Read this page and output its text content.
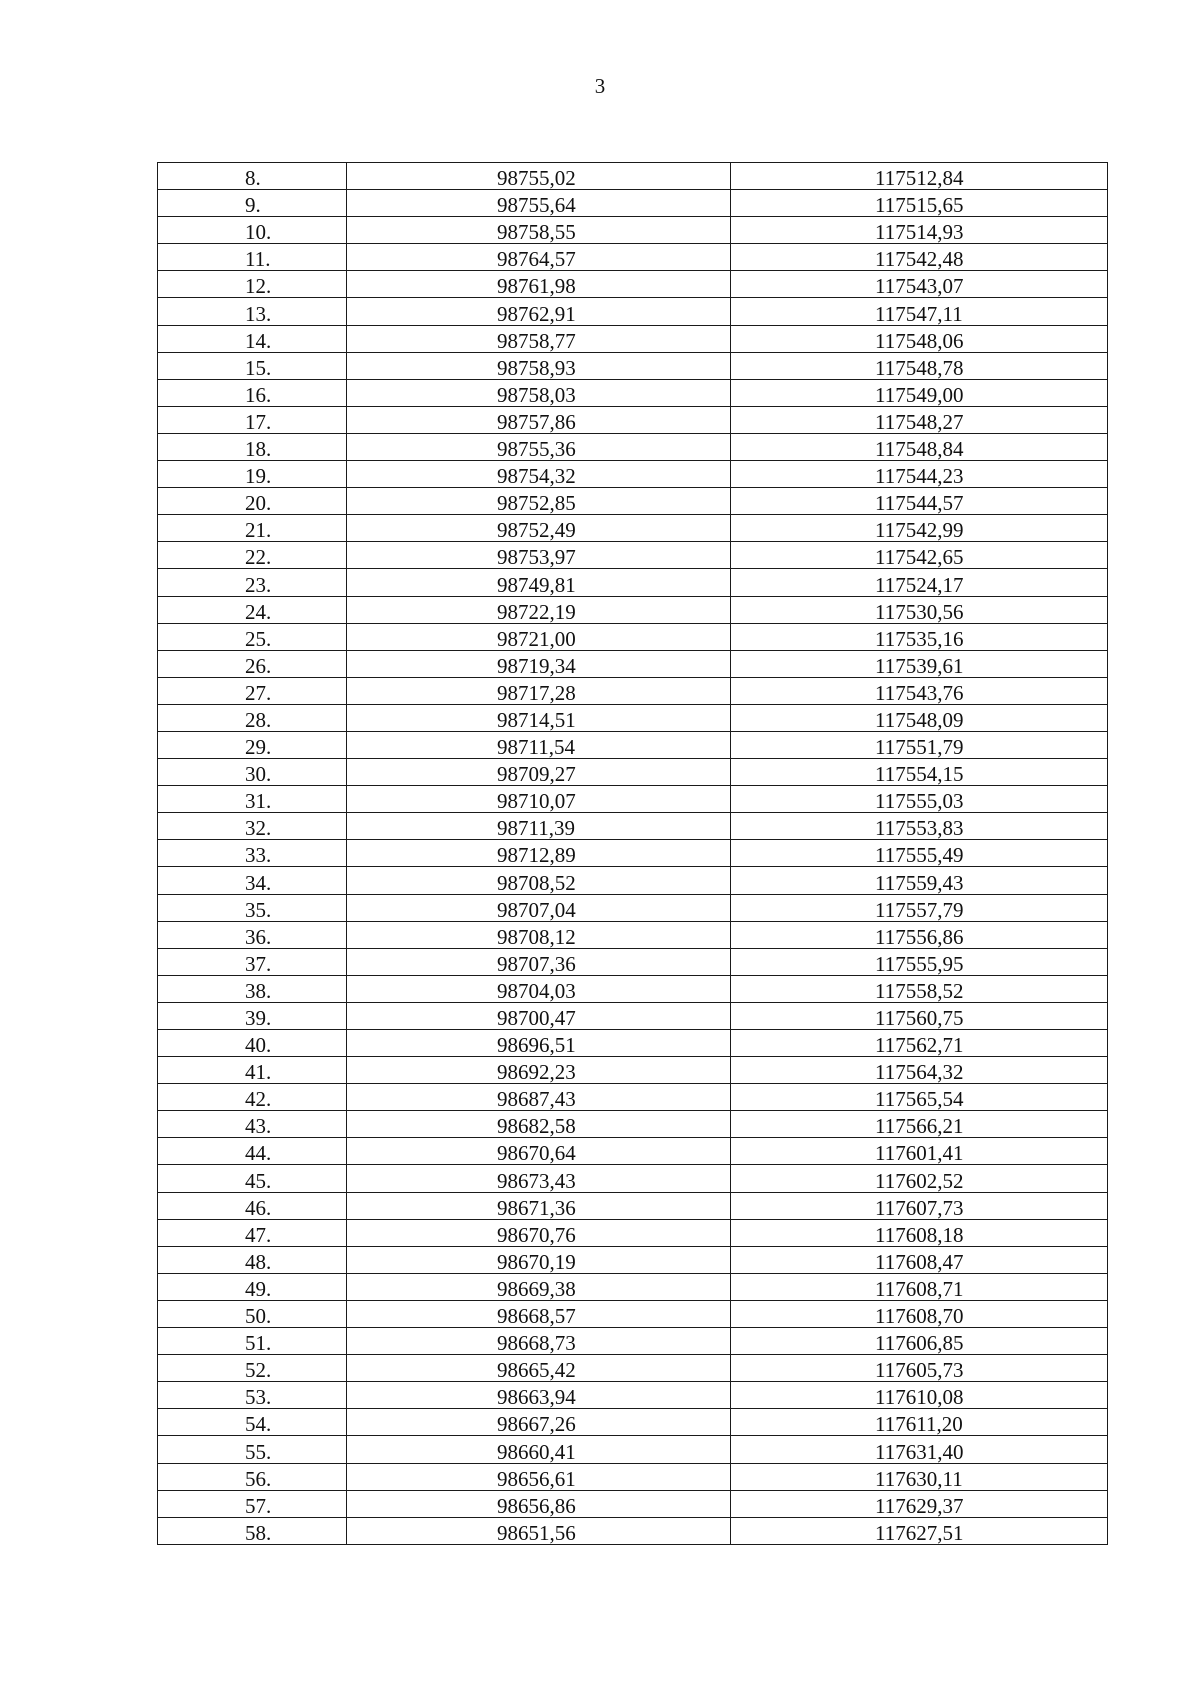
3
8.	98755,02	117512,84
9.	98755,64	117515,65
10.	98758,55	117514,93
11.	98764,57	117542,48
12.	98761,98	117543,07
13.	98762,91	117547,11
14.	98758,77	117548,06
15.	98758,93	117548,78
16.	98758,03	117549,00
17.	98757,86	117548,27
18.	98755,36	117548,84
19.	98754,32	117544,23
20.	98752,85	117544,57
21.	98752,49	117542,99
22.	98753,97	117542,65
23.	98749,81	117524,17
24.	98722,19	117530,56
25.	98721,00	117535,16
26.	98719,34	117539,61
27.	98717,28	117543,76
28.	98714,51	117548,09
29.	98711,54	117551,79
30.	98709,27	117554,15
31.	98710,07	117555,03
32.	98711,39	117553,83
33.	98712,89	117555,49
34.	98708,52	117559,43
35.	98707,04	117557,79
36.	98708,12	117556,86
37.	98707,36	117555,95
38.	98704,03	117558,52
39.	98700,47	117560,75
40.	98696,51	117562,71
41.	98692,23	117564,32
42.	98687,43	117565,54
43.	98682,58	117566,21
44.	98670,64	117601,41
45.	98673,43	117602,52
46.	98671,36	117607,73
47.	98670,76	117608,18
48.	98670,19	117608,47
49.	98669,38	117608,71
50.	98668,57	117608,70
51.	98668,73	117606,85
52.	98665,42	117605,73
53.	98663,94	117610,08
54.	98667,26	117611,20
55.	98660,41	117631,40
56.	98656,61	117630,11
57.	98656,86	117629,37
58.	98651,56	117627,51
